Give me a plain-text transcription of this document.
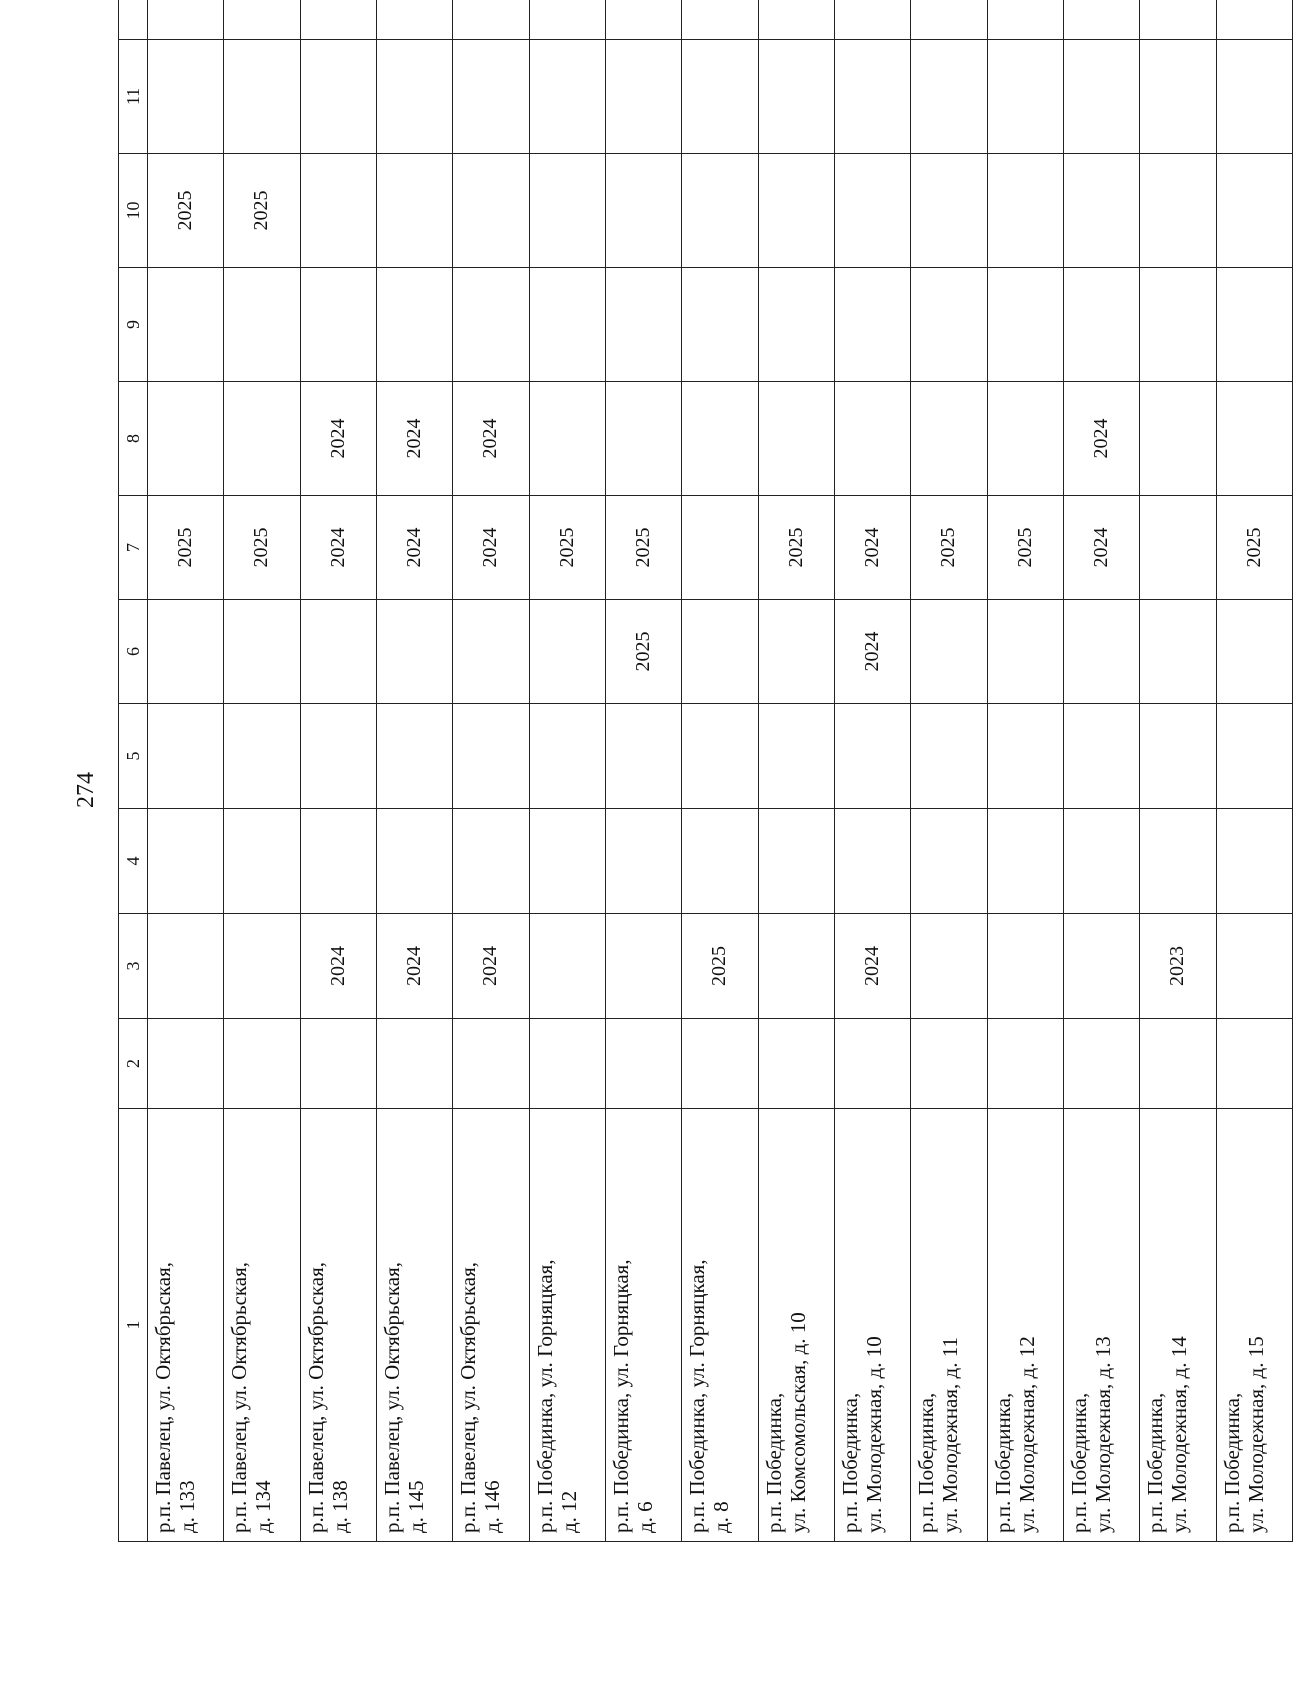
274
1	2	3	4	5	6	7	8	9	10	11		

р.п. Павелец, ул. Октябрьская, д. 133						2025			2025			

р.п. Павелец, ул. Октябрьская, д. 134						2025			2025			

р.п. Павелец, ул. Октябрьская, д. 138		2024				2024	2024					

р.п. Павелец, ул. Октябрьская, д. 145		2024				2024	2024					

р.п. Павелец, ул. Октябрьская, д. 146		2024				2024	2024					

р.п. Побединка, ул. Горняцкая, д. 12						2025						

р.п. Побединка, ул. Горняцкая, д. 6					2025	2025						

р.п. Побединка, ул. Горняцкая, д. 8		2025										

р.п. Побединка, ул. Комсомольская, д. 10						2025						

р.п. Побединка, ул. Молодежная, д. 10		2024			2024	2024						

р.п. Побединка, ул. Молодежная, д. 11						2025						

р.п. Побединка, ул. Молодежная, д. 12						2025						

р.п. Побединка, ул. Молодежная, д. 13						2024	2024					

р.п. Побединка, ул. Молодежная, д. 14		2023										

р.п. Побединка, ул. Молодежная, д. 15						2025						
